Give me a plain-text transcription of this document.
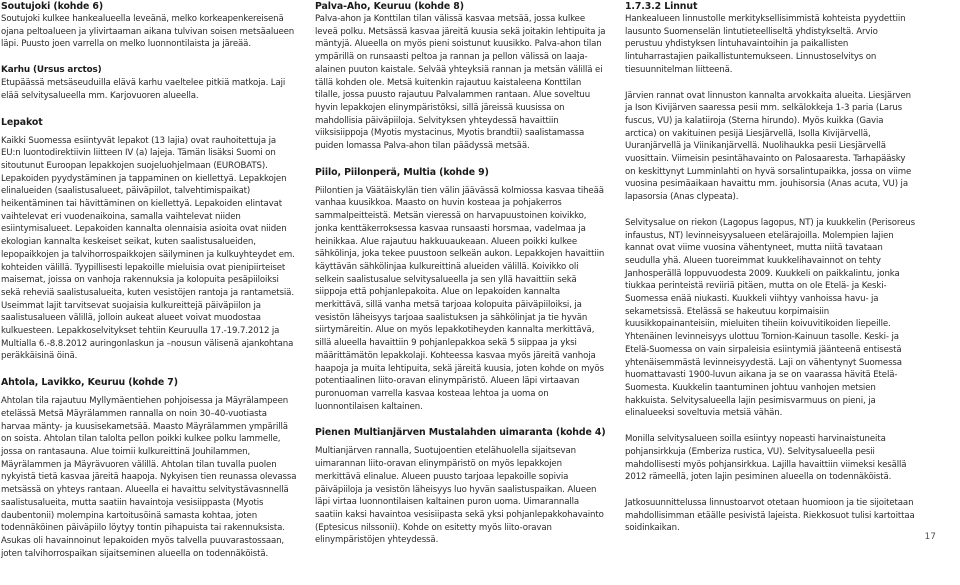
Soutujoki (kohde 6)

Soutujoki kulkee hankealueella leveänä, melko korkeapenkereisenä ojana peltoalueen ja ylivirtaaman aikana tulvivan soisen metsäalueen läpi. Puusto joen varrella on melko luonnontilaista ja järeää.

Karhu (Ursus arctos)

Etupäässä metsäseuduilla elävä karhu vaeltelee pitkiä matkoja. Laji elää selvitysalueella mm. Karjovuoren alueella.

Lepakot

Kaikki Suomessa esiintyvät lepakot (13 lajia) ovat rauhoitettuja ja EU:n luontodirektiivin liitteen IV (a) lajeja. Tämän lisäksi Suomi on sitoutunut Euroopan lepakkojen suojeluohjelmaan (EUROBATS). Lepakoiden pyydystäminen ja tappaminen on kiellettyä. Lepakkojen elinalueiden (saalistusalueet, päiväpiilot, talvehtimispaikat) heikentäminen tai hävittäminen on kiellettyä. Lepakoiden elintavat vaihtelevat eri vuodenaikoina, samalla vaihtelevat niiden esiintymisalueet. Lepakoiden kannalta olennaisia asioita ovat niiden ekologian kannalta keskeiset seikat, kuten saalistusalueiden, lepopaikkojen ja talvihorrospaikkojen säilyminen ja kulkuyhteydet em. kohteiden välillä. Tyypillisesti lepakoille mieluisia ovat pienipiirteiset maisemat, joissa on vanhoja rakennuksia ja kolopuita pesäpiiloiksi sekä reheviä saalistusalueita, kuten vesistöjen rantoja ja rantametsiä. Useimmat lajit tarvitsevat suojaisia kulkureittejä päiväpiilon ja saalistusalueen välillä, jolloin aukeat alueet voivat muodostaa kulkuesteen. Lepakkoselvitykset tehtiin Keuruulla 17.-19.7.2012 ja Multialla 6.-8.8.2012 auringonlaskun ja –nousun välisenä ajankohtana peräkkäisinä öinä.

Ahtola, Lavikko, Keuruu (kohde 7)

Ahtolan tila rajautuu Myllymäentiehen pohjoisessa ja Mäyrälampeen etelässä Metsä Mäyrälammen rannalla on noin 30–40-vuotiasta harvaa mänty- ja kuusisekametsää. Maasto Mäyrälammen ympärillä on soista. Ahtolan tilan talolta pellon poikki kulkee polku lammelle, jossa on rantasauna. Alue toimii kulkureittinä Jouhilammen, Mäyrälammen ja Mäyrävuoren välillä. Ahtolan tilan tuvalla puolen nykyistä tietä kasvaa järeitä haapoja. Nykyisen tien reunassa olevassa metsässä on yhteys rantaan. Alueella ei havaittu selvitystävasnnellä saalistusalueita, mutta saatiin havaintoja vesisiippasta (Myotis daubentonii) molempina kartoitusöinä samasta kohtaa, joten todennäköinen päiväpiilo löytyy tontin pihapuista tai rakennuksista. Asukas oli havainnoinut lepakoiden myös talvella puuvarastossaan, joten talvihorrospaikan sijaitseminen alueella on todennäköistä.

Palva-Aho, Keuruu (kohde 8)

Palva-ahon ja Konttilan tilan välissä kasvaa metsää, jossa kulkee leveä polku. Metsässä kasvaa järeitä kuusia sekä joitakin lehtipuita ja mäntyjä. Alueella on myös pieni soistunut kuusikko. Palva-ahon tilan ympärillä on runsaasti peltoa ja rannan ja pellon välissä on laaja-alainen puuton kaistale. Selvää yhteyksiä rannan ja metsän välillä ei tällä kohden ole. Metsä kuitenkin rajautuu kaistaleena Konttilan tilalle, jossa puusto rajautuu Palvalammen rantaan. Alue soveltuu hyvin lepakkojen elinympäristöksi, sillä järeissä kuusissa on mahdollisia päiväpiiloja. Selvityksen yhteydessä havaittiin viiksisiippoja (Myotis mystacinus, Myotis brandtii) saalistamassa puiden lomassa Palva-ahon tilan päädyssä metsää.

Piilo, Piilonperä, Multia (kohde 9)

Piilontien ja Väätäiskylän tien välin jäävässä kolmiossa kasvaa tiheää vanhaa kuusikkoa. Maasto on huvin kosteaa ja pohjakerros sammalpeitteistä. Metsän vieressä on harvapuustoinen koivikko, jonka kenttäkerroksessa kasvaa runsaasti horsmaa, vadelmaa ja heinikkaa. Alue rajautuu hakkuuaukeaan. Alueen poikki kulkee sähkölinja, joka tekee puustoon selkeän aukon. Lepakkojen havaittiin käyttävän sähkölinjaa kulkureittinä alueiden välillä. Koivikko oli selkein saalistusalue selvitysalueella ja sen yllä havaittiin sekä siippoja että pohjanlepakoita. Alue on lepakoiden kannalta merkittävä, sillä vanha metsä tarjoaa kolopuita päiväpiiloiksi, ja vesistön läheisyys tarjoaa saalistuksen ja sähkölinjat ja tie hyvän siirtymäreitin. Alue on myös lepakkotiheyden kannalta merkittävä, sillä alueella havaittiin 9 pohjanlepakkoa sekä 5 siippaa ja yksi määrittämätön lepakkolaji. Kohteessa kasvaa myös järeitä vanhoja haapoja ja muita lehtipuita, sekä järeitä kuusia, joten kohde on myös potentiaalinen liito-oravan elinympäristö. Alueen läpi virtaavan puronuoman varrella kasvaa kosteaa lehtoa ja uoma on luonnontilaisen kaltainen.

Pienen Multianjärven Mustalahden uimaranta (kohde 4)

Multianjärven rannalla, Suotujoentien etelähuolella sijaitsevan uimarannan liito-oravan elinympäristö on myös lepakkojen merkittävä elinalue. Alueen puusto tarjoaa lepakoille sopivia päiväpiiloja ja vesistön läheisyys luo hyvän saalistuspaikan. Alueen läpi virtaa luonnontilaisen kaltainen puron uoma. Uimarannalla saatiin kaksi havaintoa vesisiipasta sekä yksi pohjanlepakkohavainto (Eptesicus nilssonii). Kohde on esitetty myös liito-oravan elinympäristöjen yhteydessä.

1.7.3.2 Linnut

Hankealueen linnustolle merkityksellisimmistä kohteista pyydettiin lausunto Suomenselän lintutieteelliseltä yhdistykseltä. Arvio perustuu yhdistyksen lintuhavaintoihin ja paikallisten lintuharrastajien paikallistuntemukseen. Linnustoselvitys on tiesuunnitelman liitteenä.

Järvien rannat ovat linnuston kannalta arvokkaita alueita. Liesjärven ja Ison Kivijärven saaressa pesii mm. selkälokkeja 1-3 paria (Larus fuscus, VU) ja kalatiiroja (Sterna hirundo). Myös kuikka (Gavia arctica) on vakituinen pesijä Liesjärvellä, Isolla Kivijärvellä, Uuranjärvellä ja Viinikanjärvellä. Nuolihaukka pesii Liesjärvellä vuosittain. Viimeisin pesintähavainto on Palosaaresta. Tarhapääsky on keskittynyt Lumminlahti on hyvä sorsalintupaikka, jossa on viime vuosina pesimäaikaan havaittu mm. jouhisorsia (Anas acuta, VU) ja lapasorsia (Anas clypeata).

Selvitysalue on riekon (Lagopus lagopus, NT) ja kuukkelin (Perisoreus infaustus, NT) levinneisyysalueen etelärajoilla. Molempien lajien kannat ovat viime vuosina vähentyneet, mutta niitä tavataan seudulla yhä. Alueen tuoreimmat kuukkelihavainnot on tehty Janhosperällä loppuvuodesta 2009. Kuukkeli on paikkalintu, jonka tiukkaa perinteistä reviiriä pitäen, mutta on ole Etelä- ja Keski-Suomessa enää niukasti. Kuukkeli viihtyy vanhoissa havu- ja sekametsissä. Etelässä se hakeutuu korpimaisiin kuusikkopainanteisiin, mieluiten tiheiin koivuvitikoiden liepeille. Yhtenäinen levinneisyys ulottuu Tornion-Kainuun tasolle. Keski- ja Etelä-Suomessa on vain sirpaleisia esiintymiä jäänteenä entisestä yhtenäisemmästä levinneisyydestä. Laji on vähentynyt Suomessa huomattavasti 1900-luvun aikana ja se on vaarassa hävitä Etelä-Suomesta. Kuukkelin taantuminen johtuu vanhojen metsien hakkuista. Selvitysalueella lajin pesimisvarmuus on pieni, ja elinalueeksi soveltuvia metsiä vähän.

Monilla selvitysalueen soilla esiintyy nopeasti harvinaistuneita pohjansirkkuja (Emberiza rustica, VU). Selvitysalueella pesii mahdollisesti myös pohjansirkkua. Lajilla havaittiin viimeksi kesällä 2012 rämeellä, joten lajin pesiminen alueella on todennäköistä.

Jatkosuunnittelussa linnustoarvot otetaan huomioon ja tie sijoitetaan mahdollisimman etäälle pesivistä lajeista. Riekkosuot tulisi kartoittaa soidinkaikan.

17
